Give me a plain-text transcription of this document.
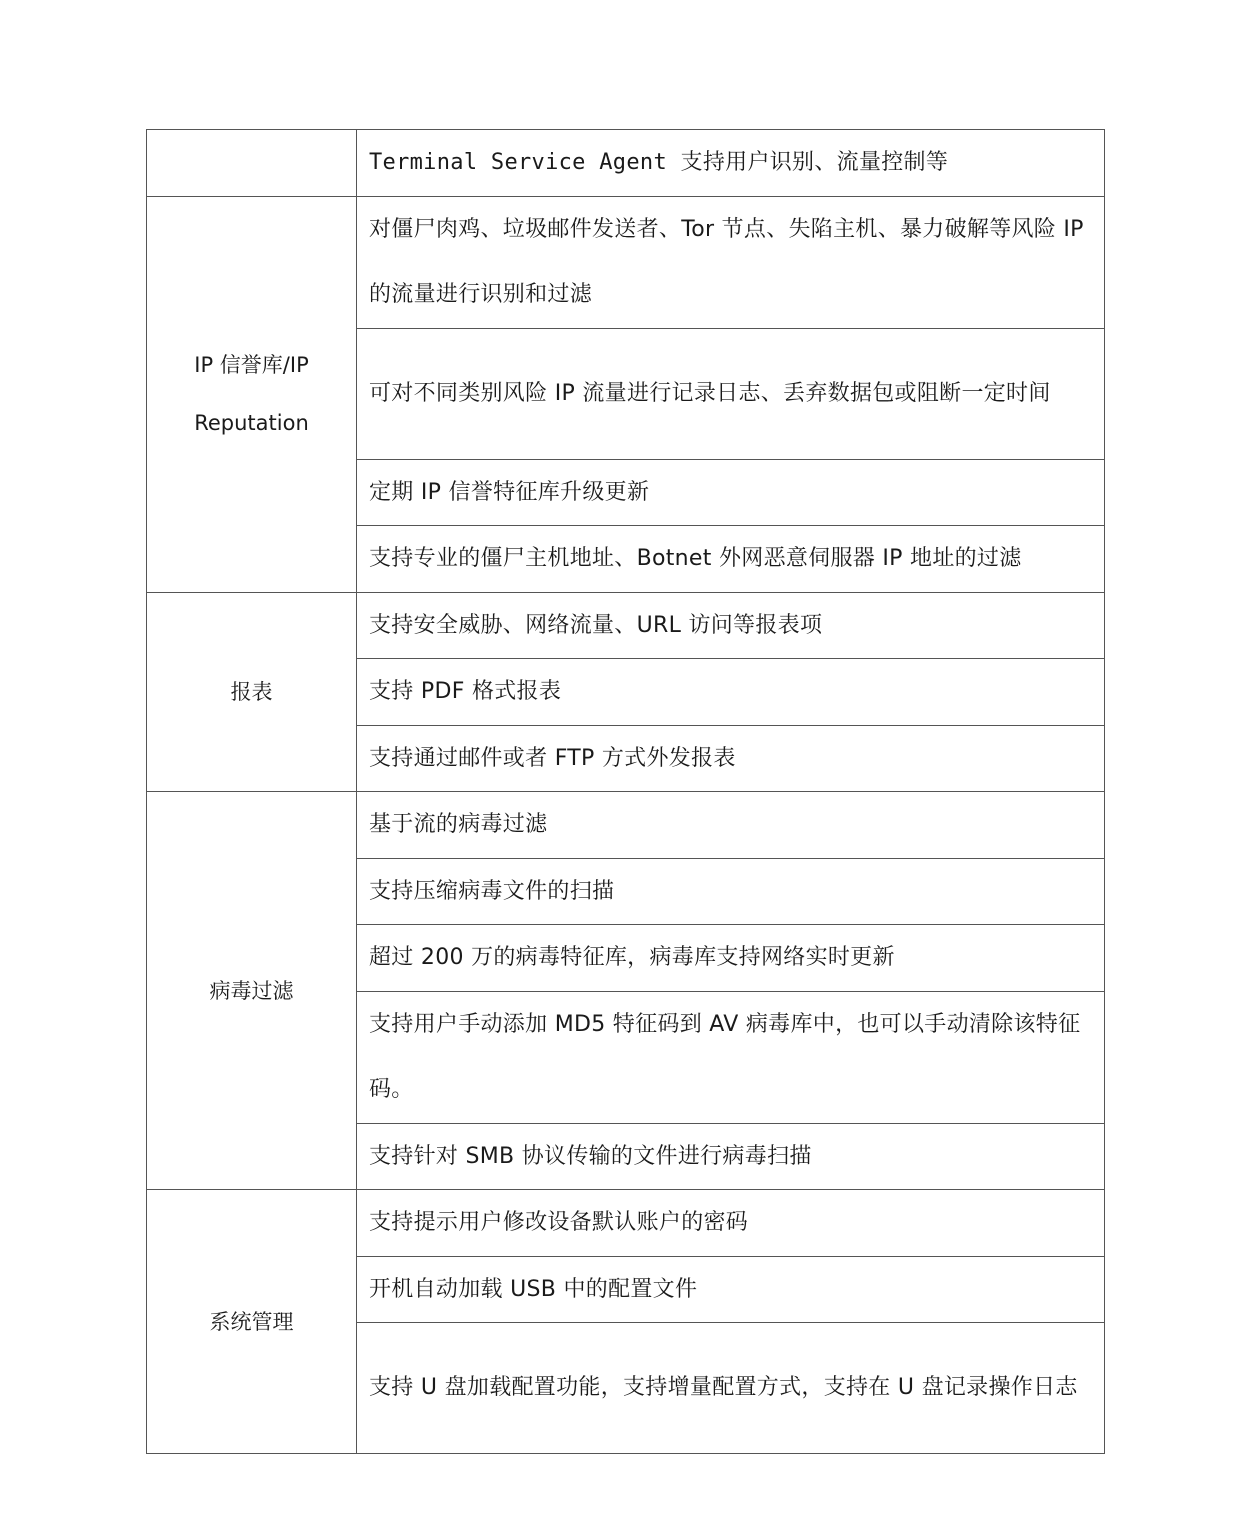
	Terminal Service Agent 支持用户识别、流量控制等

IP 信誉库/IP
Reputation	对僵尸肉鸡、垃圾邮件发送者、Tor 节点、失陷主机、暴力破解等风险 IP 的流量进行识别和过滤
	可对不同类别风险 IP 流量进行记录日志、丢弃数据包或阻断一定时间
	定期 IP 信誉特征库升级更新
	支持专业的僵尸主机地址、Botnet 外网恶意伺服器 IP 地址的过滤
报表	支持安全威胁、网络流量、URL 访问等报表项
	支持 PDF 格式报表
	支持通过邮件或者 FTP 方式外发报表
病毒过滤	基于流的病毒过滤
	支持压缩病毒文件的扫描
	超过 200 万的病毒特征库，病毒库支持网络实时更新
	支持用户手动添加 MD5 特征码到 AV 病毒库中，也可以手动清除该特征码。
	支持针对 SMB 协议传输的文件进行病毒扫描
系统管理	支持提示用户修改设备默认账户的密码
	开机自动加载 USB 中的配置文件
	支持 U 盘加载配置功能，支持增量配置方式，支持在 U 盘记录操作日志
